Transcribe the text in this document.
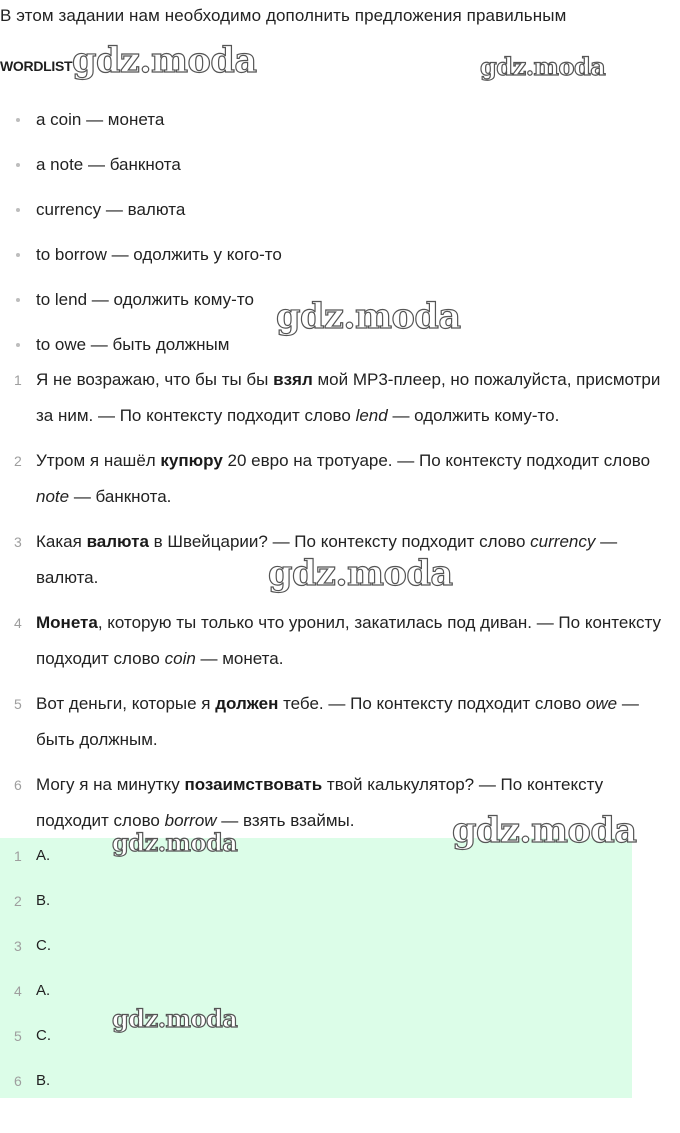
В этом задании нам необходимо дополнить предложения правильным
WORDLIST
a coin — монета
a note — банкнота
currency — валюта
to borrow — одолжить у кого-то
to lend — одолжить кому-то
to owe — быть должным
1 Я не возражаю, что бы ты бы взял мой MP3-плеер, но пожалуйста, присмотри за ним. — По контексту подходит слово lend — одолжить кому-то.
2 Утром я нашёл купюру 20 евро на тротуаре. — По контексту подходит слово note — банкнота.
3 Какая валюта в Швейцарии? — По контексту подходит слово currency — валюта.
4 Монета, которую ты только что уронил, закатилась под диван. — По контексту подходит слово coin — монета.
5 Вот деньги, которые я должен тебе. — По контексту подходит слово owe — быть должным.
6 Могу я на минутку позаимствовать твой калькулятор? — По контексту подходит слово borrow — взять взаймы.
1 A.
2 B.
3 C.
4 A.
5 C.
6 B.
gdz.moda	gdz.moda
gdz.moda
gdz.moda
gdz.moda
gdz.moda
gdz.moda
